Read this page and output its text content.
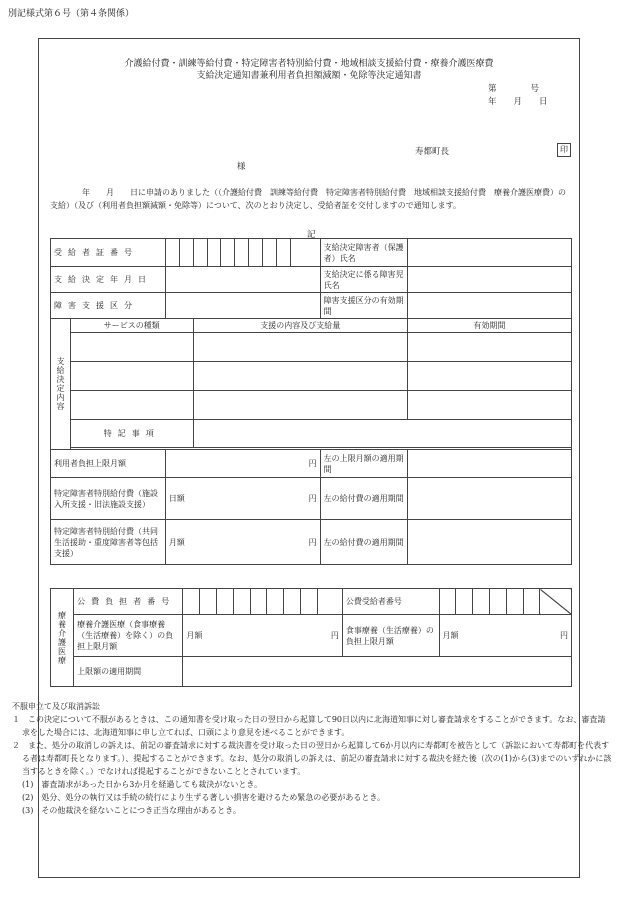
別記様式第６号（第４条関係）
介護給付費・訓練等給付費・特定障害者特別給付費・地域相談支援給付費・療養介護医療費
支給決定通知書兼利用者負担額減額・免除等決定通知書
第　　　　号
年　　月　　日
寿都町長	印
様
　　　　年　　月　　日に申請のありました（（介護給付費　訓練等給付費　特定障害者特別給付費　地域相談支援給付費　療養介護医療費）の支給）（及び（利用者負担額減額・免除等）について、次のとおり決定し、受給者証を交付しますので通知します。
記
受給者証番号												支給決定障害者（保護者）氏名	
支給決定年月日												支給決定に係る障害児氏名	
障害支援区分												障害支援区分の有効期間	
支給決定内容	サービスの種類			支援の内容及び支給量									有効期間

	特記事項												

利用者負担上限月額		円										左の上限月額の適用期間	
特定障害者特別給付費（施設入所支援・旧法施設支援）		日額 円										左の給付費の適用期間	
特定障害者特別給付費（共同生活援助・重度障害者等包括支援）		月額 円										左の給付費の適用期間	
療養介護医療	公費負担者番号										公費受給者番号							
	療養介護医療（食事療養（生活療養）を除く）の負担上限月額	月額 円									食事療養（生活療養）の負担上限月額	月額 円						

	上限額の適用期間																	

不服申立て及び取消訴訟

１　この決定について不服があるときは、この通知書を受け取った日の翌日から起算して90日以内に北海道知事に対し審査請求をすることができます。なお、審査請求をした場合には、北海道知事に申し立てれば、口頭により意見を述べることができます。

２　また、処分の取消しの訴えは、前記の審査請求に対する裁決書を受け取った日の翌日から起算して6か月以内に寿都町を被告として（訴訟において寿都町を代表する者は寿都町長となります。）、提起することができます。なお、処分の取消しの訴えは、前記の審査請求に対する裁決を経た後（次の(1)から(3)までのいずれかに該当するときを除く。）でなければ提起することができないこととされています。

(1)　審査請求があった日から3か月を経過しても裁決がないとき。

(2)　処分、処分の執行又は手続の続行により生ずる著しい損害を避けるため緊急の必要があるとき。

(3)　その他裁決を経ないことにつき正当な理由があるとき。
